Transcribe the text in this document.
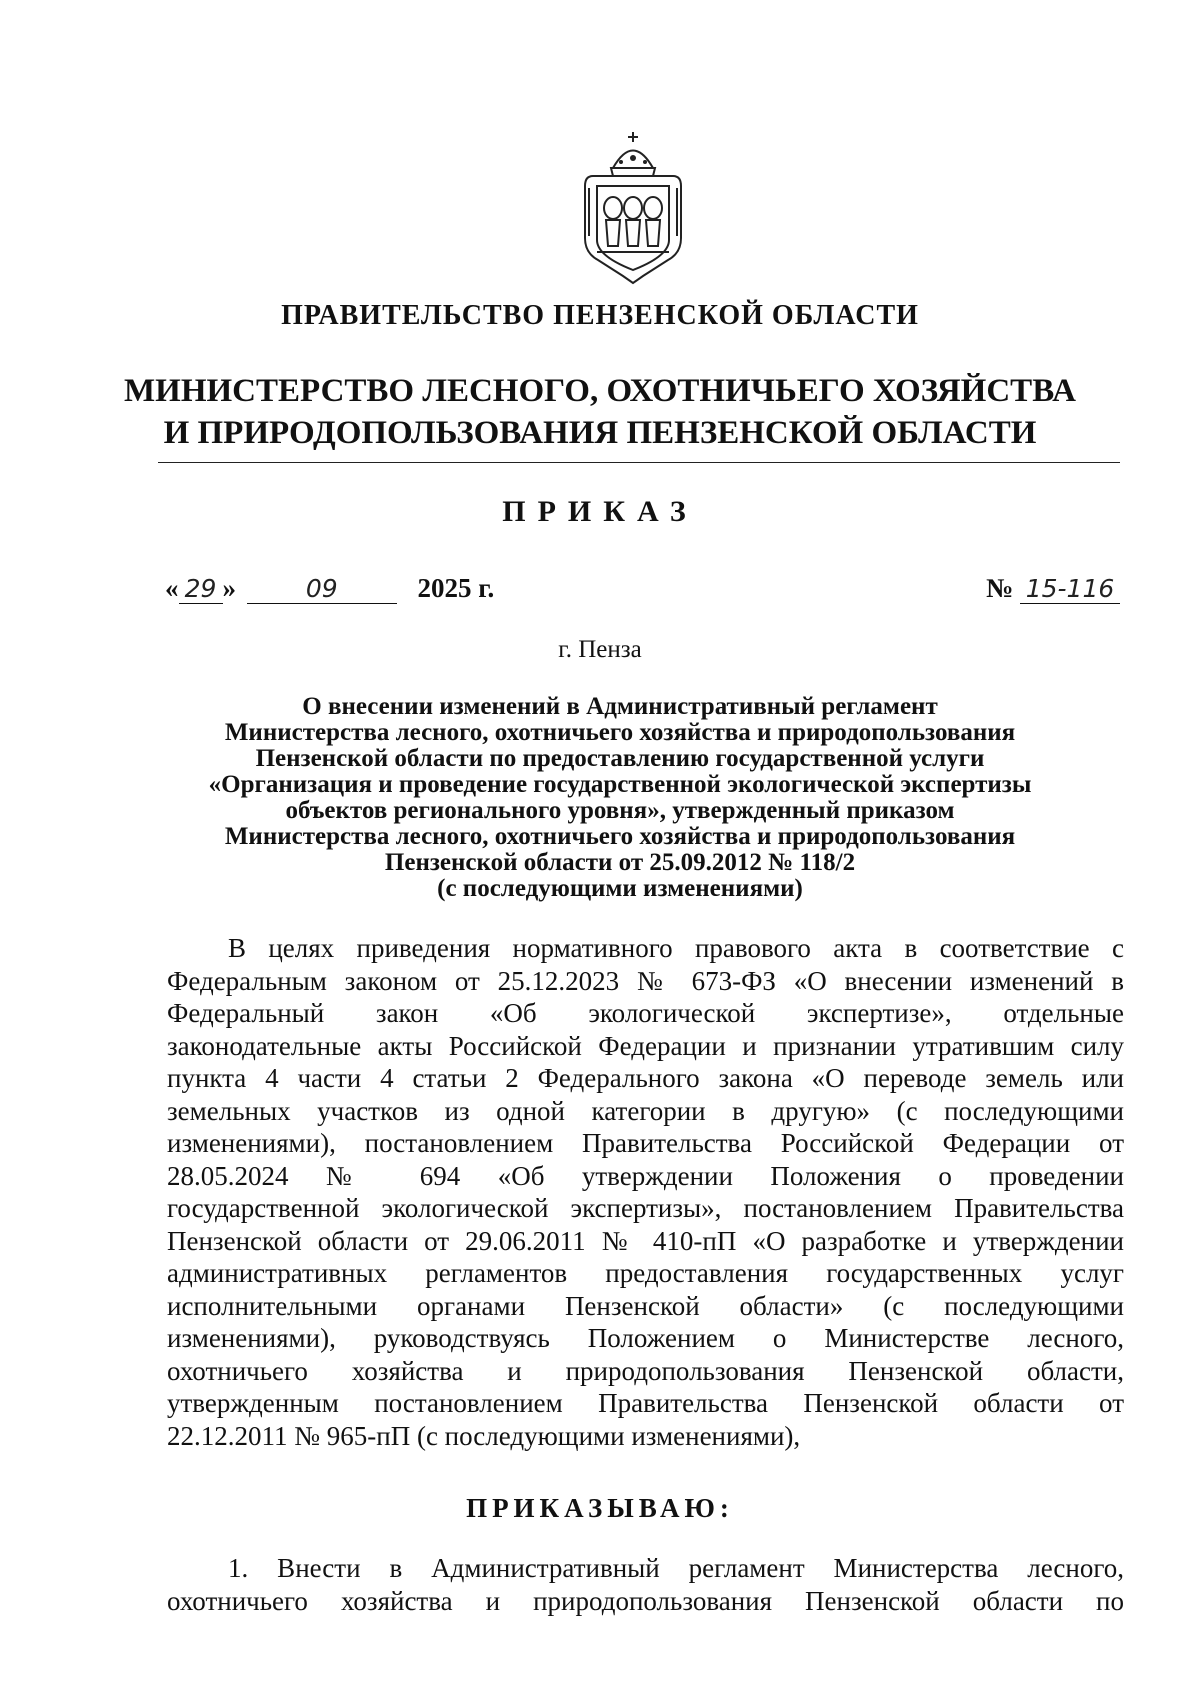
ПРАВИТЕЛЬСТВО ПЕНЗЕНСКОЙ ОБЛАСТИ
МИНИСТЕРСТВО ЛЕСНОГО, ОХОТНИЧЬЕГО ХОЗЯЙСТВА
И ПРИРОДОПОЛЬЗОВАНИЯ ПЕНЗЕНСКОЙ ОБЛАСТИ
ПРИКАЗ
« 29 »	09	2025 г.	№ 15-116
г. Пенза
О внесении изменений в Административный регламент
Министерства лесного, охотничьего хозяйства и природопользования
Пензенской области по предоставлению государственной услуги
«Организация и проведение государственной экологической экспертизы
объектов регионального уровня», утвержденный приказом
Министерства лесного, охотничьего хозяйства и природопользования
Пензенской области от 25.09.2012 № 118/2
(с последующими изменениями)
В целях приведения нормативного правового акта в соответствие с
Федеральным законом от 25.12.2023 № 673-ФЗ «О внесении изменений в
Федеральный закон «Об экологической экспертизе», отдельные
законодательные акты Российской Федерации и признании утратившим силу
пункта 4 части 4 статьи 2 Федерального закона «О переводе земель или
земельных участков из одной категории в другую» (с последующими
изменениями), постановлением Правительства Российской Федерации от
28.05.2024 № 694 «Об утверждении Положения о проведении
государственной экологической экспертизы», постановлением Правительства
Пензенской области от 29.06.2011 № 410-пП «О разработке и утверждении
административных регламентов предоставления государственных услуг
исполнительными органами Пензенской области» (с последующими
изменениями), руководствуясь Положением о Министерстве лесного,
охотничьего хозяйства и природопользования Пензенской области,
утвержденным постановлением Правительства Пензенской области от
22.12.2011 № 965-пП (с последующими изменениями),
ПРИКАЗЫВАЮ:
1. Внести в Административный регламент Министерства лесного,
охотничьего хозяйства и природопользования Пензенской области по
